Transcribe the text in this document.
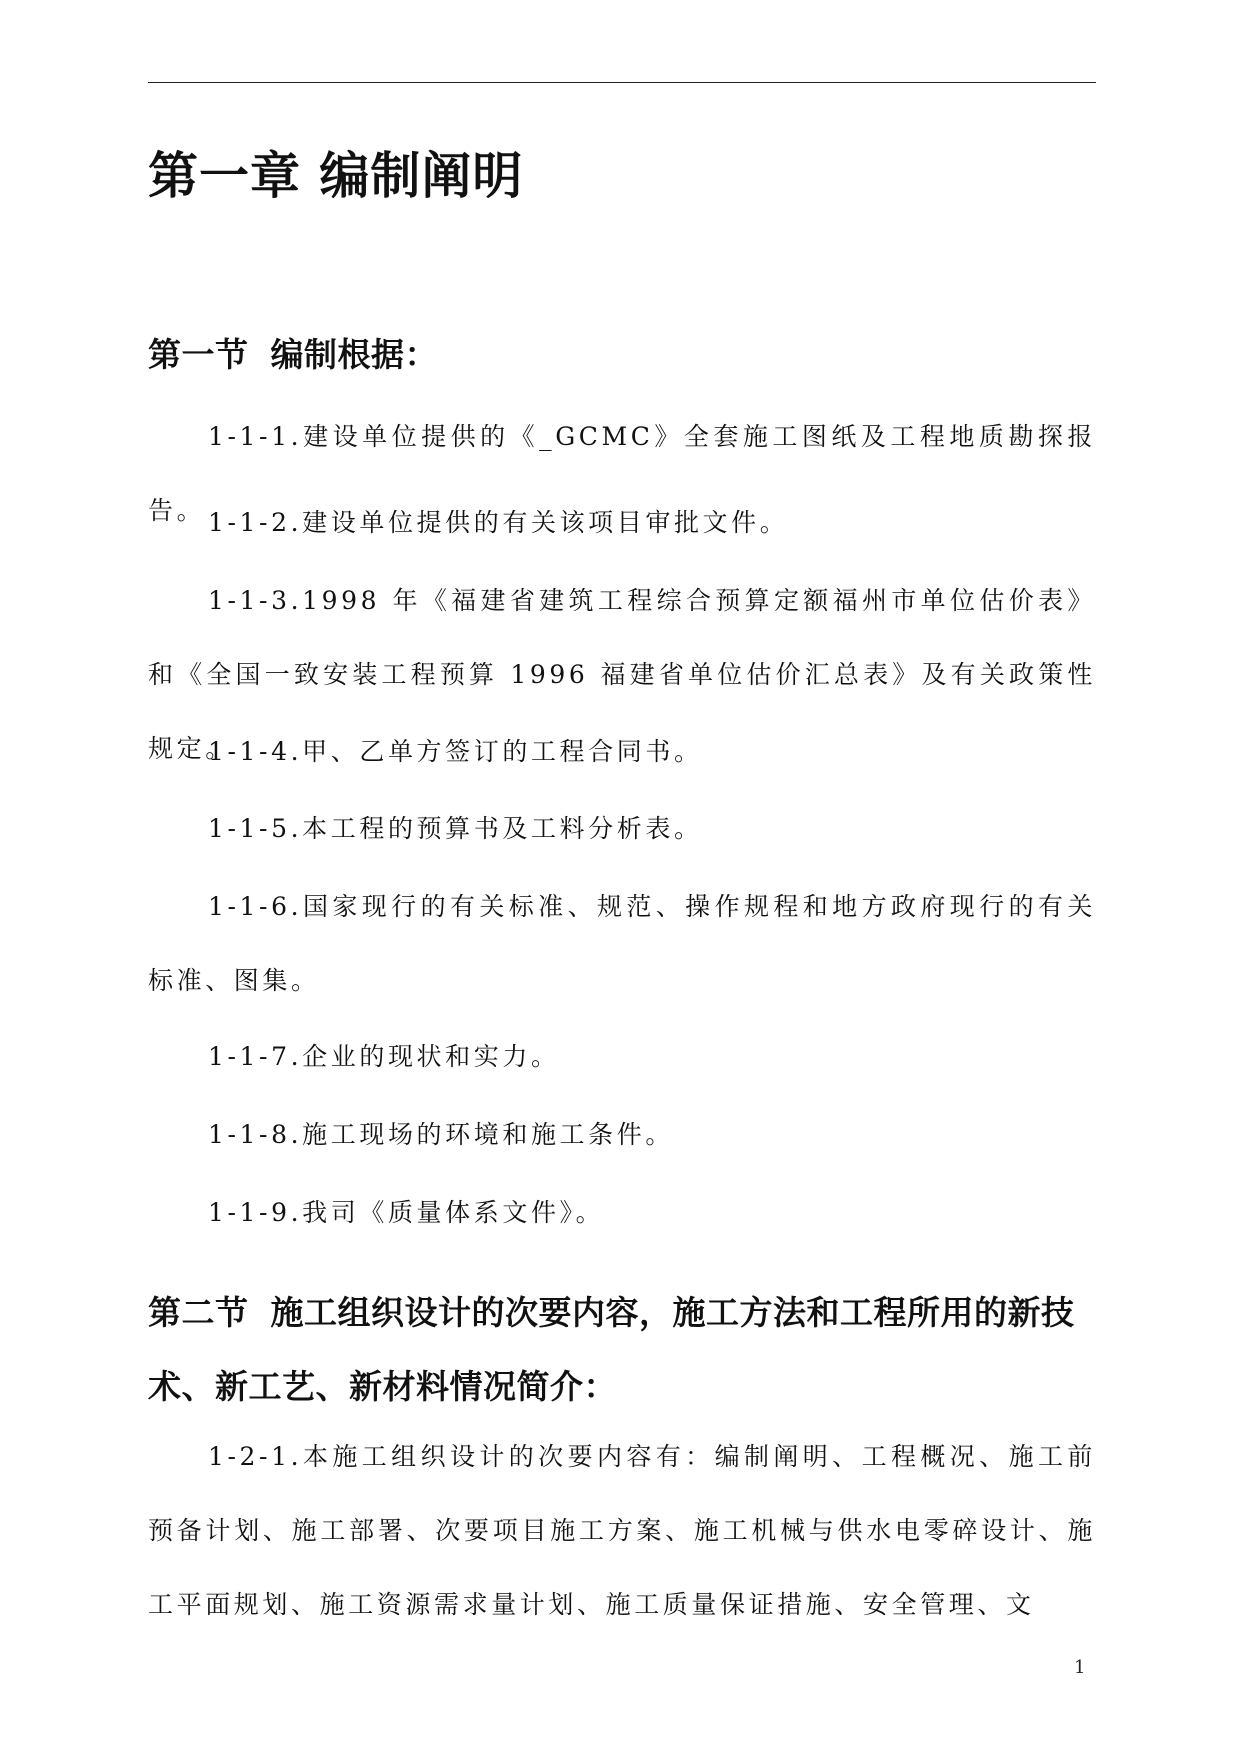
第一章 编制阐明
第一节 编制根据：

1-1-1.建设单位提供的《_GCMC》全套施工图纸及工程地质勘探报告。 1-1-2.建设单位提供的有关该项目审批文件。

1-1-3.1998 年《福建省建筑工程综合预算定额福州市单位估价表》和《全国一致安装工程预算 1996 福建省单位估价汇总表》及有关政策性规定。

1-1-4.甲、乙单方签订的工程合同书。

1-1-5.本工程的预算书及工料分析表。

1-1-6.国家现行的有关标准、规范、操作规程和地方政府现行的有关标准、图集。

1-1-7.企业的现状和实力。

1-1-8.施工现场的环境和施工条件。

1-1-9.我司《质量体系文件》。

第二节 施工组织设计的次要内容，施工方法和工程所用的新技术、新工艺、新材料情况简介：

1-2-1.本施工组织设计的次要内容有：编制阐明、工程概况、施工前预备计划、施工部署、次要项目施工方案、施工机械与供水电零碎设计、施工平面规划、施工资源需求量计划、施工质量保证措施、安全管理、文

1
